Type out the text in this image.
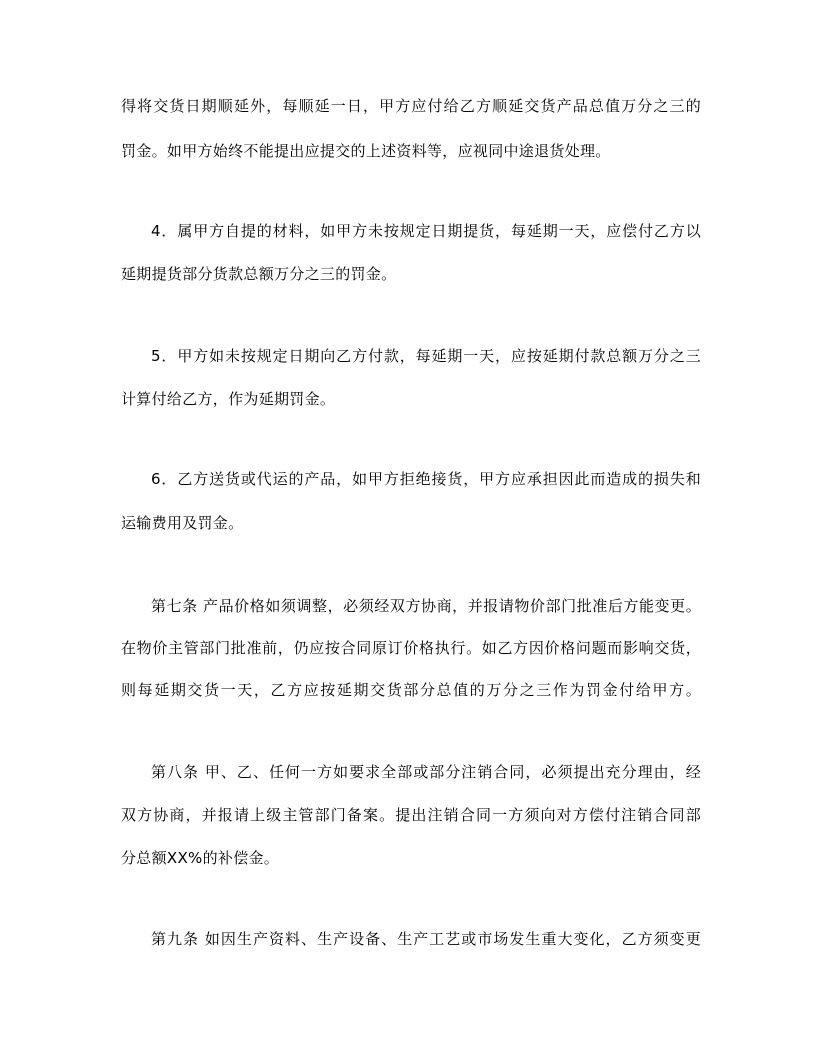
得将交货日期顺延外，每顺延一日，甲方应付给乙方顺延交货产品总值万分之三的
罚金。如甲方始终不能提出应提交的上述资料等，应视同中途退货处理。
4．属甲方自提的材料，如甲方未按规定日期提货，每延期一天，应偿付乙方以
延期提货部分货款总额万分之三的罚金。
5．甲方如未按规定日期向乙方付款，每延期一天，应按延期付款总额万分之三
计算付给乙方，作为延期罚金。
6．乙方送货或代运的产品，如甲方拒绝接货，甲方应承担因此而造成的损失和
运输费用及罚金。
第七条 产品价格如须调整，必须经双方协商，并报请物价部门批准后方能变更。
在物价主管部门批准前，仍应按合同原订价格执行。如乙方因价格问题而影响交货，
则每延期交货一天，乙方应按延期交货部分总值的万分之三作为罚金付给甲方。
第八条 甲、乙、任何一方如要求全部或部分注销合同，必须提出充分理由，经
双方协商，并报请上级主管部门备案。提出注销合同一方须向对方偿付注销合同部
分总额XX%的补偿金。
第九条 如因生产资料、生产设备、生产工艺或市场发生重大变化，乙方须变更
